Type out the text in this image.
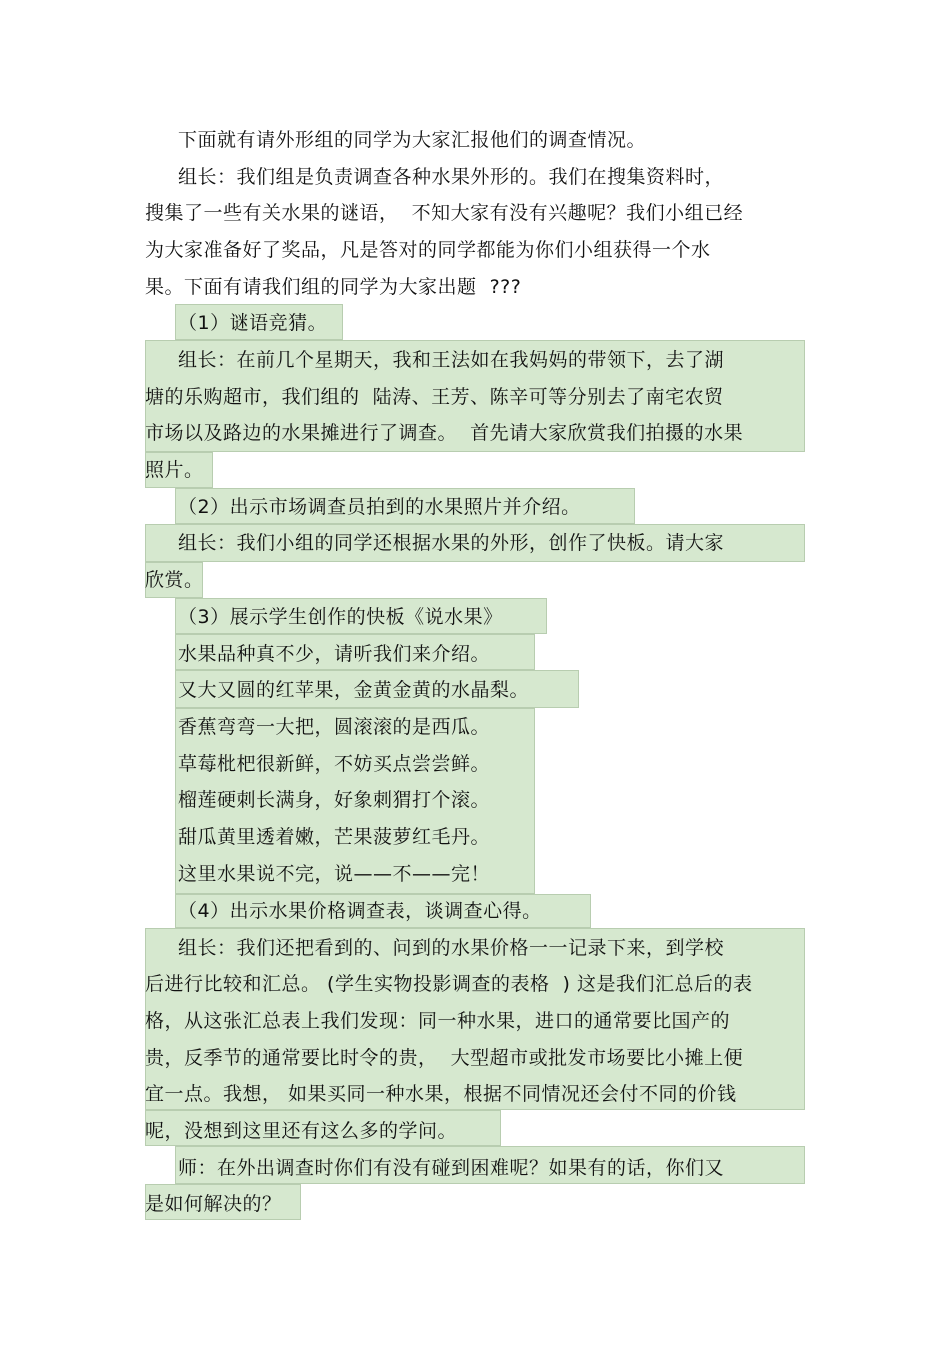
下面就有请外形组的同学为大家汇报他们的调查情况。
组长：我们组是负责调查各种水果外形的。我们在搜集资料时，
搜集了一些有关水果的谜语，  不知大家有没有兴趣呢？我们小组已经
为大家准备好了奖品，凡是答对的同学都能为你们小组获得一个水
果。下面有请我们组的同学为大家出题  ???
（1）谜语竞猜。
组长：在前几个星期天，我和王法如在我妈妈的带领下，去了湖
塘的乐购超市，我们组的  陆涛、王芳、陈辛可等分别去了南宅农贸
市场以及路边的水果摊进行了调查。  首先请大家欣赏我们拍摄的水果
照片。
（2）出示市场调查员拍到的水果照片并介绍。
组长：我们小组的同学还根据水果的外形，创作了快板。请大家
欣赏。
（3）展示学生创作的快板《说水果》
水果品种真不少，请听我们来介绍。
又大又圆的红苹果，金黄金黄的水晶梨。
香蕉弯弯一大把，圆滚滚的是西瓜。
草莓枇杷很新鲜，不妨买点尝尝鲜。
榴莲硬刺长满身，好象刺猬打个滚。
甜瓜黄里透着嫩，芒果菠萝红毛丹。
这里水果说不完，说——不——完！
（4）出示水果价格调查表，谈调查心得。
组长：我们还把看到的、问到的水果价格一一记录下来，到学校
后进行比较和汇总。 (学生实物投影调查的表格  ) 这是我们汇总后的表
格，从这张汇总表上我们发现：同一种水果，进口的通常要比国产的
贵，反季节的通常要比时令的贵，  大型超市或批发市场要比小摊上便
宜一点。我想， 如果买同一种水果，根据不同情况还会付不同的价钱
呢，没想到这里还有这么多的学问。
师：在外出调查时你们有没有碰到困难呢？如果有的话，你们又
是如何解决的？
